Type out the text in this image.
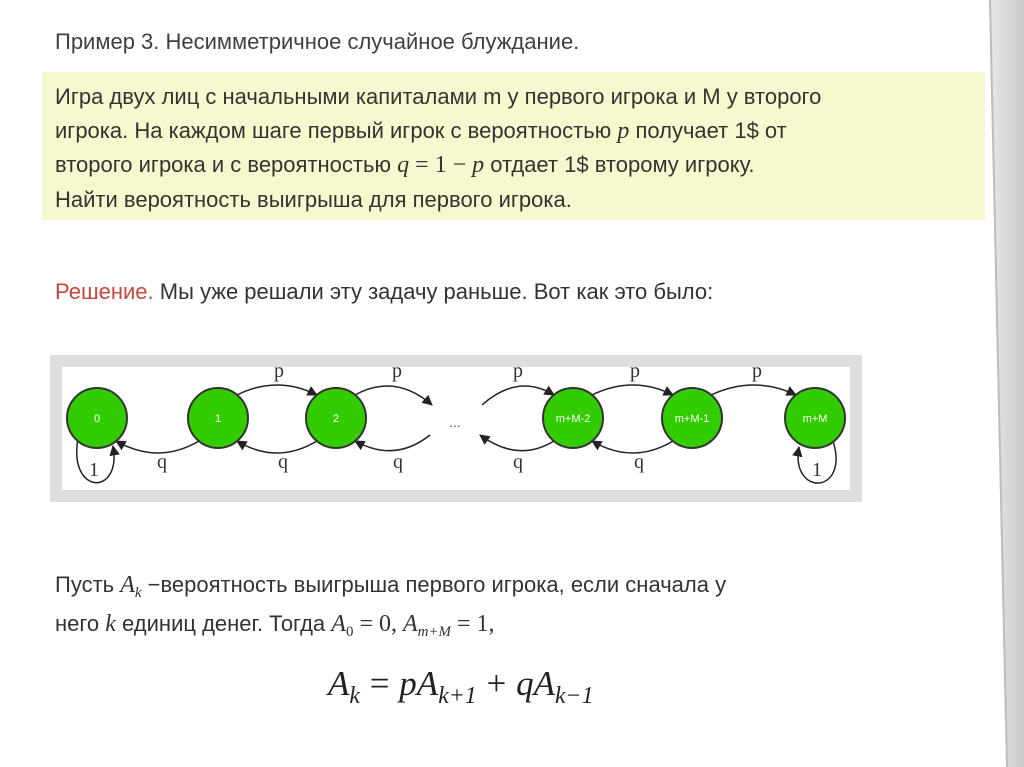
Пример 3. Несимметричное случайное блуждание.
Игра двух лиц с начальными капиталами m у первого игрока и M у второго
игрока. На каждом шаге первый игрок с вероятностью p получает 1$ от
второго игрока и с вероятностью q = 1 − p отдает 1$ второму игроку.
Найти вероятность выигрыша для первого игрока.
Решение. Мы уже решали эту задачу раньше. Вот как это было:
0	1	2	m+M-2	m+M-1	m+M
...
p	p	p	p	p
q	q	q	q	q
1	1
Пусть $A_k$ −вероятность выигрыша первого игрока, если сначала у
него k единиц денег. Тогда $A_0 = 0$, $A_{m+M} = 1$,
$A_k = pA_{k+1} + qA_{k-1}$
